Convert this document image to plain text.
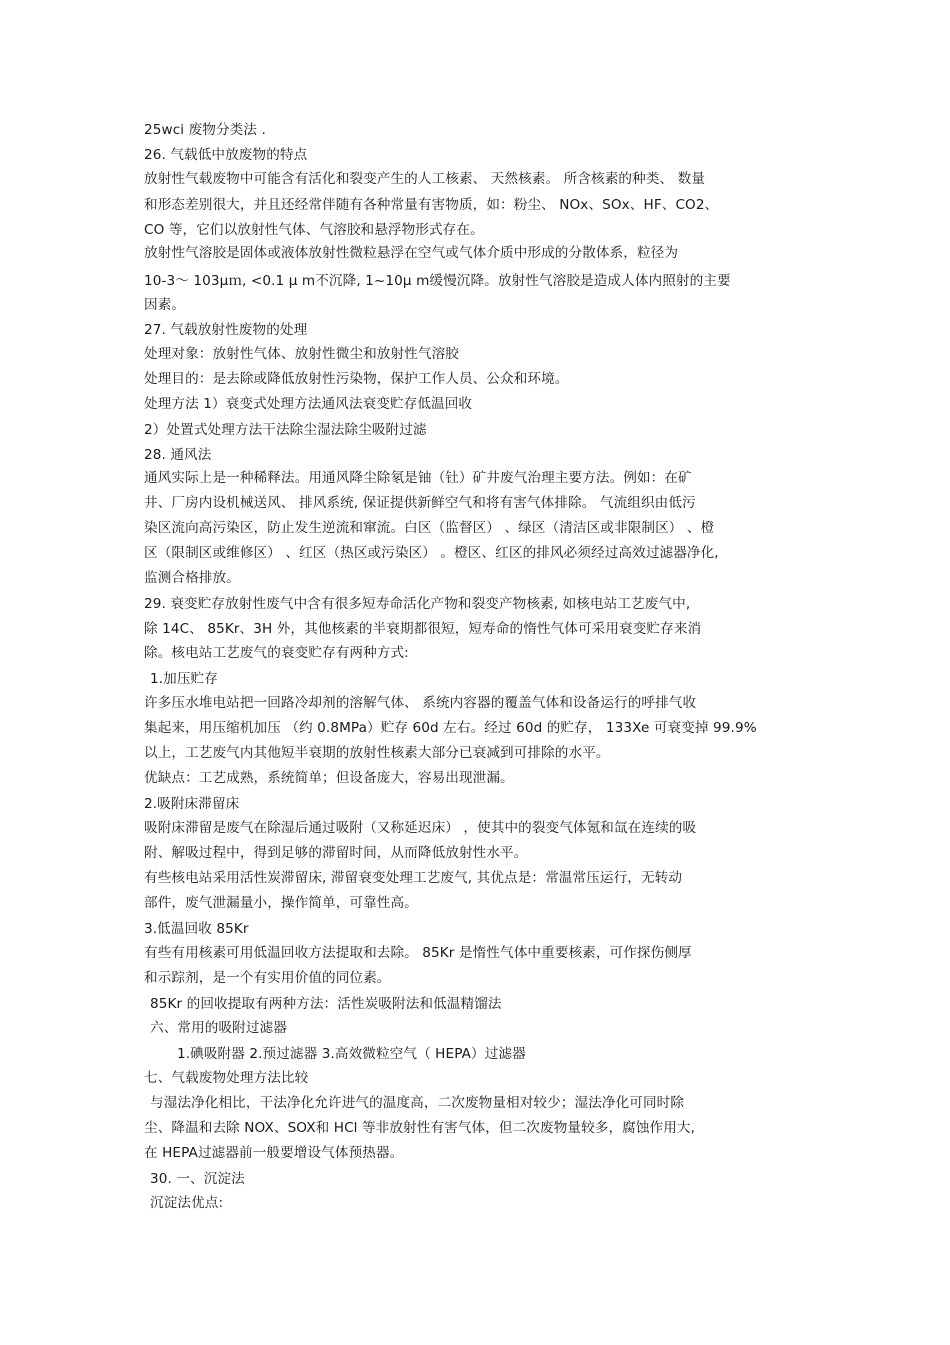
25wci 废物分类法 .
26. 气载低中放废物的特点
放射性气载废物中可能含有活化和裂变产生的人工核素、 天然核素。 所含核素的种类、 数量
和形态差别很大，并且还经常伴随有各种常量有害物质，如：粉尘、 NOx、SOx、HF、CO2、
CO 等，它们以放射性气体、气溶胶和悬浮物形式存在。
放射性气溶胶是固体或液体放射性微粒悬浮在空气或气体介质中形成的分散体系，粒径为
10-3～ 103μｍ, <0.1 μ m不沉降, 1~10μ m缓慢沉降。放射性气溶胶是造成人体内照射的主要
因素。
27. 气载放射性废物的处理
处理对象：放射性气体、放射性微尘和放射性气溶胶
处理目的：是去除或降低放射性污染物，保护工作人员、公众和环境。
处理方法 1）衰变式处理方法通风法衰变贮存低温回收
2）处置式处理方法干法除尘湿法除尘吸附过滤
28. 通风法
通风实际上是一种稀释法。用通风降尘除氡是铀（钍）矿井废气治理主要方法。例如：在矿
井、厂房内设机械送风、 排风系统, 保证提供新鲜空气和将有害气体排除。 气流组织由低污
染区流向高污染区，防止发生逆流和窜流。白区（监督区） 、绿区（清洁区或非限制区） 、橙
区（限制区或维修区） 、红区（热区或污染区） 。橙区、红区的排风必须经过高效过滤器净化,
监测合格排放。
29. 衰变贮存放射性废气中含有很多短寿命活化产物和裂变产物核素, 如核电站工艺废气中,
除 14C、 85Kr、3H 外，其他核素的半衰期都很短，短寿命的惰性气体可采用衰变贮存来消
除。核电站工艺废气的衰变贮存有两种方式:
1.加压贮存
许多压水堆电站把一回路冷却剂的溶解气体、 系统内容器的覆盖气体和设备运行的呼排气收
集起来，用压缩机加压 （约 0.8MPa）贮存 60d 左右。经过 60d 的贮存， 133Xe 可衰变掉 99.9%
以上，工艺废气内其他短半衰期的放射性核素大部分已衰减到可排除的水平。
优缺点：工艺成熟，系统简单；但设备庞大，容易出现泄漏。
2.吸附床滞留床
吸附床滞留是废气在除湿后通过吸附（又称延迟床） ，使其中的裂变气体氪和氙在连续的吸
附、解吸过程中，得到足够的滞留时间，从而降低放射性水平。
有些核电站采用活性炭滞留床, 滞留衰变处理工艺废气, 其优点是：常温常压运行，无转动
部件，废气泄漏量小，操作简单，可靠性高。
3.低温回收 85Kr
有些有用核素可用低温回收方法提取和去除。 85Kr 是惰性气体中重要核素，可作探伤侧厚
和示踪剂，是一个有实用价值的同位素。
85Kr 的回收提取有两种方法：活性炭吸附法和低温精馏法
六、常用的吸附过滤器
1.碘吸附器 2.预过滤器 3.高效微粒空气（ HEPA）过滤器
七、气载废物处理方法比较
与湿法净化相比，干法净化允许进气的温度高，二次废物量相对较少；湿法净化可同时除
尘、降温和去除 NOX、SOX和 HCl 等非放射性有害气体，但二次废物量较多，腐蚀作用大,
在 HEPA过滤器前一般要增设气体预热器。
30. 一、沉淀法
沉淀法优点:
